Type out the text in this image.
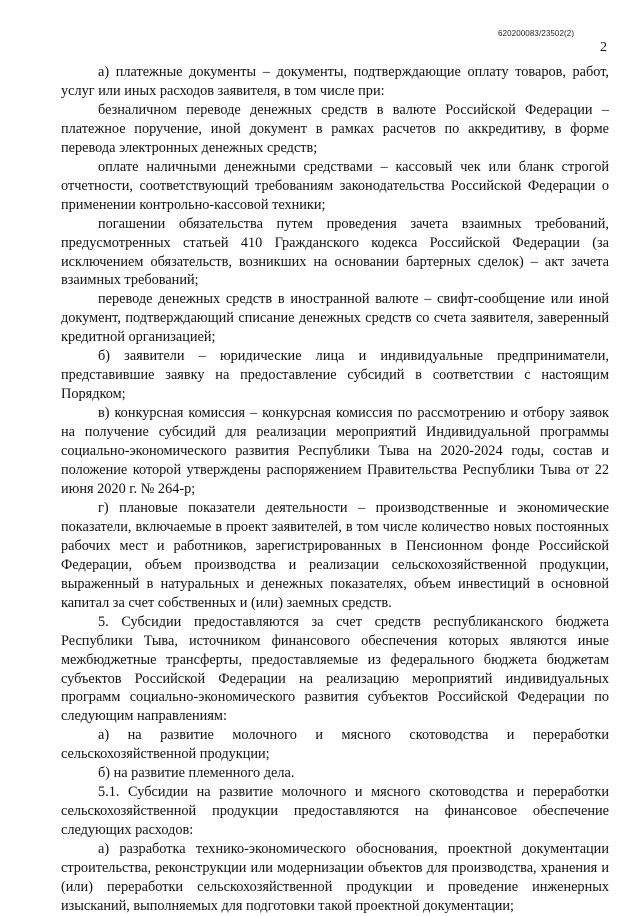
620200083/23502(2)
2

а) платежные документы – документы, подтверждающие оплату товаров, работ, услуг или иных расходов заявителя, в том числе при:

безналичном переводе денежных средств в валюте Российской Федерации – платежное поручение, иной документ в рамках расчетов по аккредитиву, в форме перевода электронных денежных средств;

оплате наличными денежными средствами – кассовый чек или бланк строгой отчетности, соответствующий требованиям законодательства Российской Федерации о применении контрольно-кассовой техники;

погашении обязательства путем проведения зачета взаимных требований, предусмотренных статьей 410 Гражданского кодекса Российской Федерации (за исключением обязательств, возникших на основании бартерных сделок) – акт зачета взаимных требований;

переводе денежных средств в иностранной валюте – свифт-сообщение или иной документ, подтверждающий списание денежных средств со счета заявителя, заверенный кредитной организацией;

б) заявители – юридические лица и индивидуальные предприниматели, представившие заявку на предоставление субсидий в соответствии с настоящим Порядком;

в) конкурсная комиссия – конкурсная комиссия по рассмотрению и отбору заявок на получение субсидий для реализации мероприятий Индивидуальной программы социально-экономического развития Республики Тыва на 2020-2024 годы, состав и положение которой утверждены распоряжением Правительства Республики Тыва от 22 июня 2020 г. № 264-р;

г) плановые показатели деятельности – производственные и экономические показатели, включаемые в проект заявителей, в том числе количество новых постоянных рабочих мест и работников, зарегистрированных в Пенсионном фонде Российской Федерации, объем производства и реализации сельскохозяйственной продукции, выраженный в натуральных и денежных показателях, объем инвестиций в основной капитал за счет собственных и (или) заемных средств.

5. Субсидии предоставляются за счет средств республиканского бюджета Республики Тыва, источником финансового обеспечения которых являются иные межбюджетные трансферты, предоставляемые из федерального бюджета бюджетам субъектов Российской Федерации на реализацию мероприятий индивидуальных программ социально-экономического развития субъектов Российской Федерации по следующим направлениям:

а) на развитие молочного и мясного скотоводства и переработки сельскохозяйственной продукции;

б) на развитие племенного дела.

5.1. Субсидии на развитие молочного и мясного скотоводства и переработки сельскохозяйственной продукции предоставляются на финансовое обеспечение следующих расходов:

а) разработка технико-экономического обоснования, проектной документации строительства, реконструкции или модернизации объектов для производства, хранения и (или) переработки сельскохозяйственной продукции и проведение инженерных изысканий, выполняемых для подготовки такой проектной документации;
